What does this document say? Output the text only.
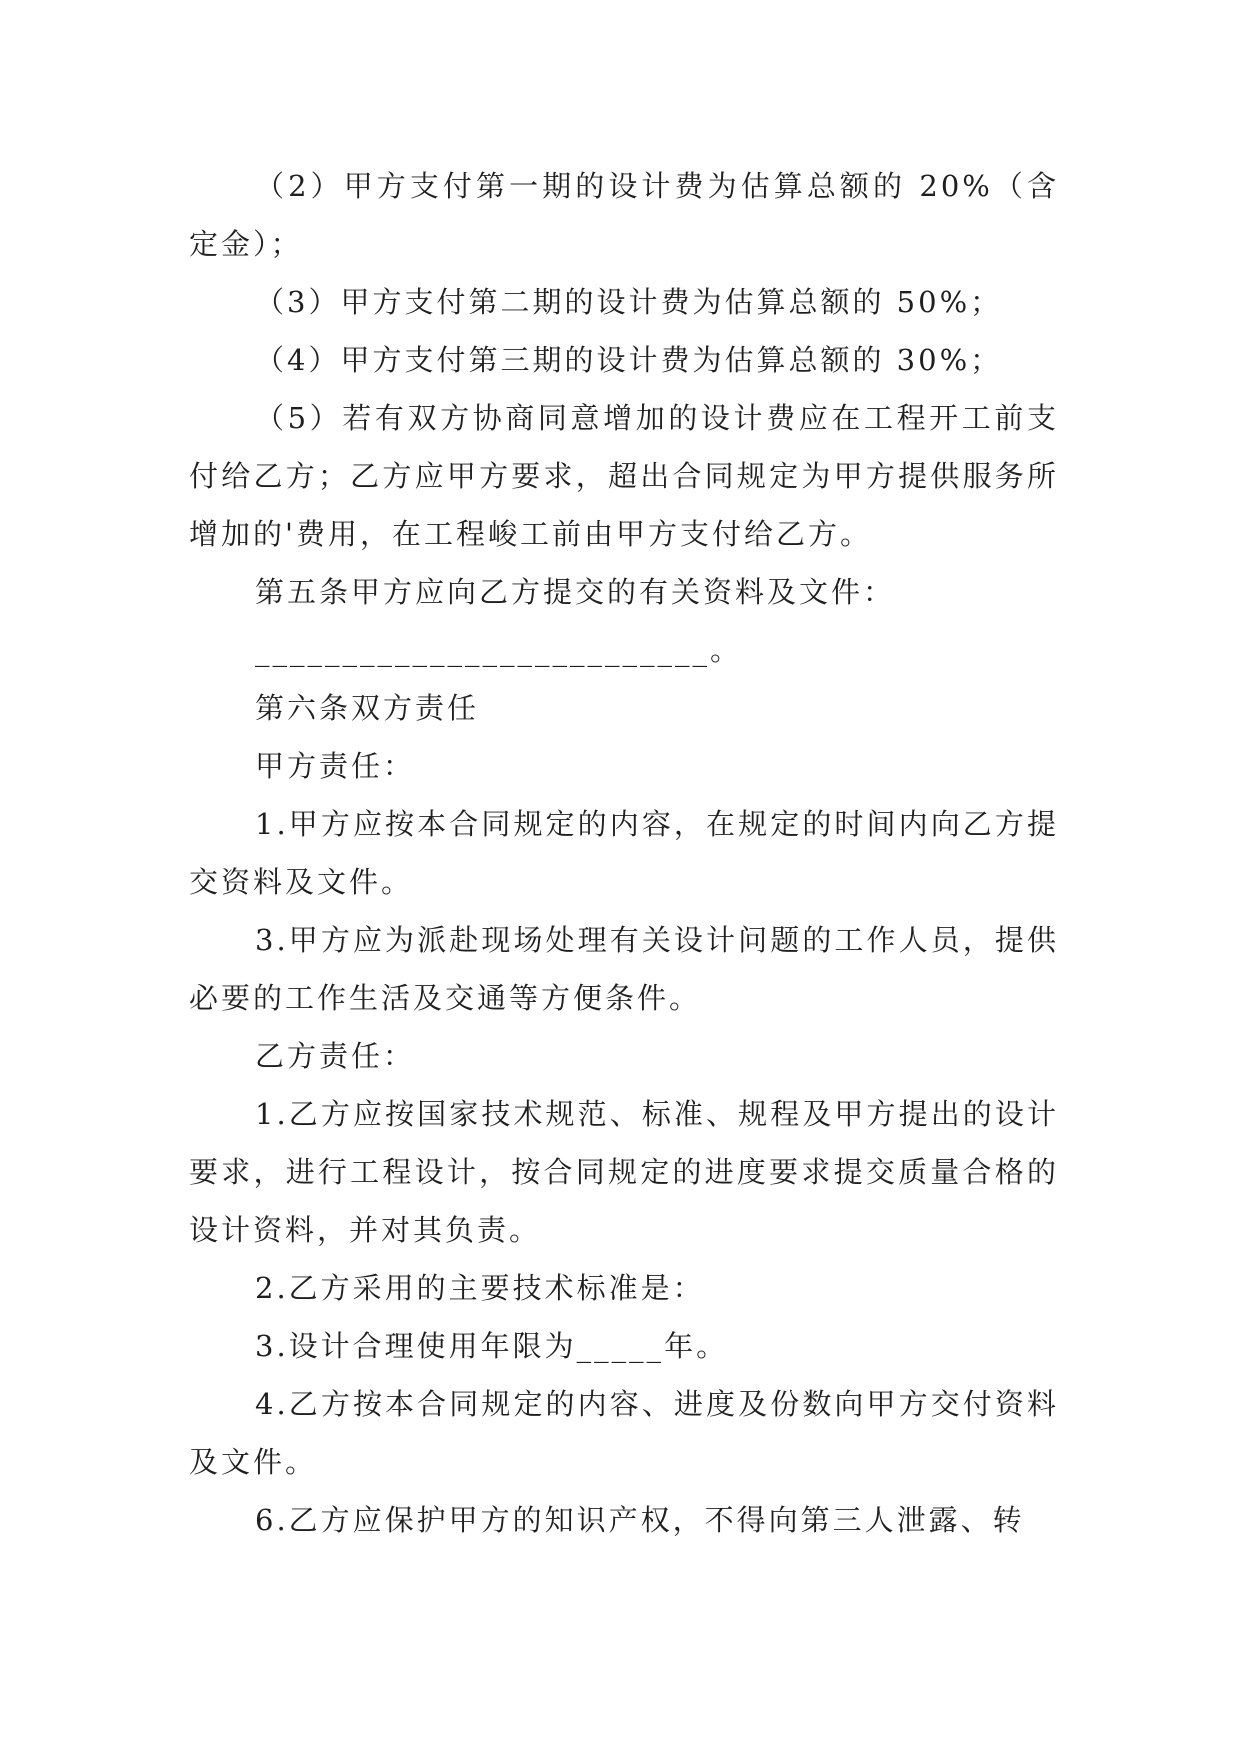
（2）甲方支付第一期的设计费为估算总额的 20%（含定金）；

（3）甲方支付第二期的设计费为估算总额的 50%；

（4）甲方支付第三期的设计费为估算总额的 30%；

（5）若有双方协商同意增加的设计费应在工程开工前支付给乙方；乙方应甲方要求，超出合同规定为甲方提供服务所增加的'费用，在工程峻工前由甲方支付给乙方。

第五条甲方应向乙方提交的有关资料及文件：

__________________________。

第六条双方责任

甲方责任：

1.甲方应按本合同规定的内容，在规定的时间内向乙方提交资料及文件。

3.甲方应为派赴现场处理有关设计问题的工作人员，提供必要的工作生活及交通等方便条件。

乙方责任：

1.乙方应按国家技术规范、标准、规程及甲方提出的设计要求，进行工程设计，按合同规定的进度要求提交质量合格的设计资料，并对其负责。

2.乙方采用的主要技术标准是：

3.设计合理使用年限为_____年。

4.乙方按本合同规定的内容、进度及份数向甲方交付资料及文件。

6.乙方应保护甲方的知识产权，不得向第三人泄露、转
